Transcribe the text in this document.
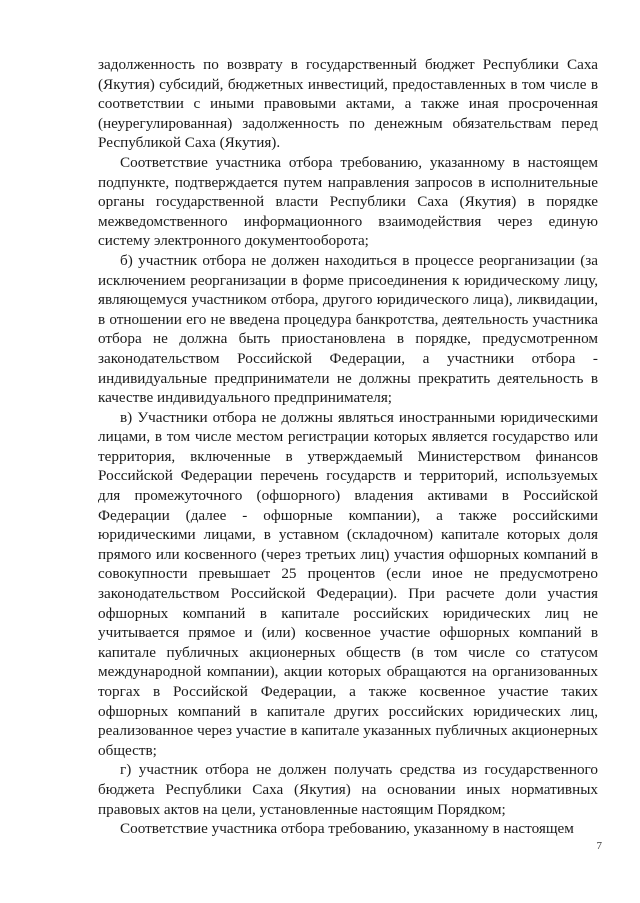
задолженность по возврату в государственный бюджет Республики Саха (Якутия) субсидий, бюджетных инвестиций, предоставленных в том числе в соответствии с иными правовыми актами, а также иная просроченная (неурегулированная) задолженность по денежным обязательствам перед Республикой Саха (Якутия).

Соответствие участника отбора требованию, указанному в настоящем подпункте, подтверждается путем направления запросов в исполнительные органы государственной власти Республики Саха (Якутия) в порядке межведомственного информационного взаимодействия через единую систему электронного документооборота;

б) участник отбора не должен находиться в процессе реорганизации (за исключением реорганизации в форме присоединения к юридическому лицу, являющемуся участником отбора, другого юридического лица), ликвидации, в отношении его не введена процедура банкротства, деятельность участника отбора не должна быть приостановлена в порядке, предусмотренном законодательством Российской Федерации, а участники отбора - индивидуальные предприниматели не должны прекратить деятельность в качестве индивидуального предпринимателя;

в) Участники отбора не должны являться иностранными юридическими лицами, в том числе местом регистрации которых является государство или территория, включенные в утверждаемый Министерством финансов Российской Федерации перечень государств и территорий, используемых для промежуточного (офшорного) владения активами в Российской Федерации (далее - офшорные компании), а также российскими юридическими лицами, в уставном (складочном) капитале которых доля прямого или косвенного (через третьих лиц) участия офшорных компаний в совокупности превышает 25 процентов (если иное не предусмотрено законодательством Российской Федерации). При расчете доли участия офшорных компаний в капитале российских юридических лиц не учитывается прямое и (или) косвенное участие офшорных компаний в капитале публичных акционерных обществ (в том числе со статусом международной компании), акции которых обращаются на организованных торгах в Российской Федерации, а также косвенное участие таких офшорных компаний в капитале других российских юридических лиц, реализованное через участие в капитале указанных публичных акционерных обществ;

г) участник отбора не должен получать средства из государственного бюджета Республики Саха (Якутия) на основании иных нормативных правовых актов на цели, установленные настоящим Порядком;

Соответствие участника отбора требованию, указанному в настоящем

7
